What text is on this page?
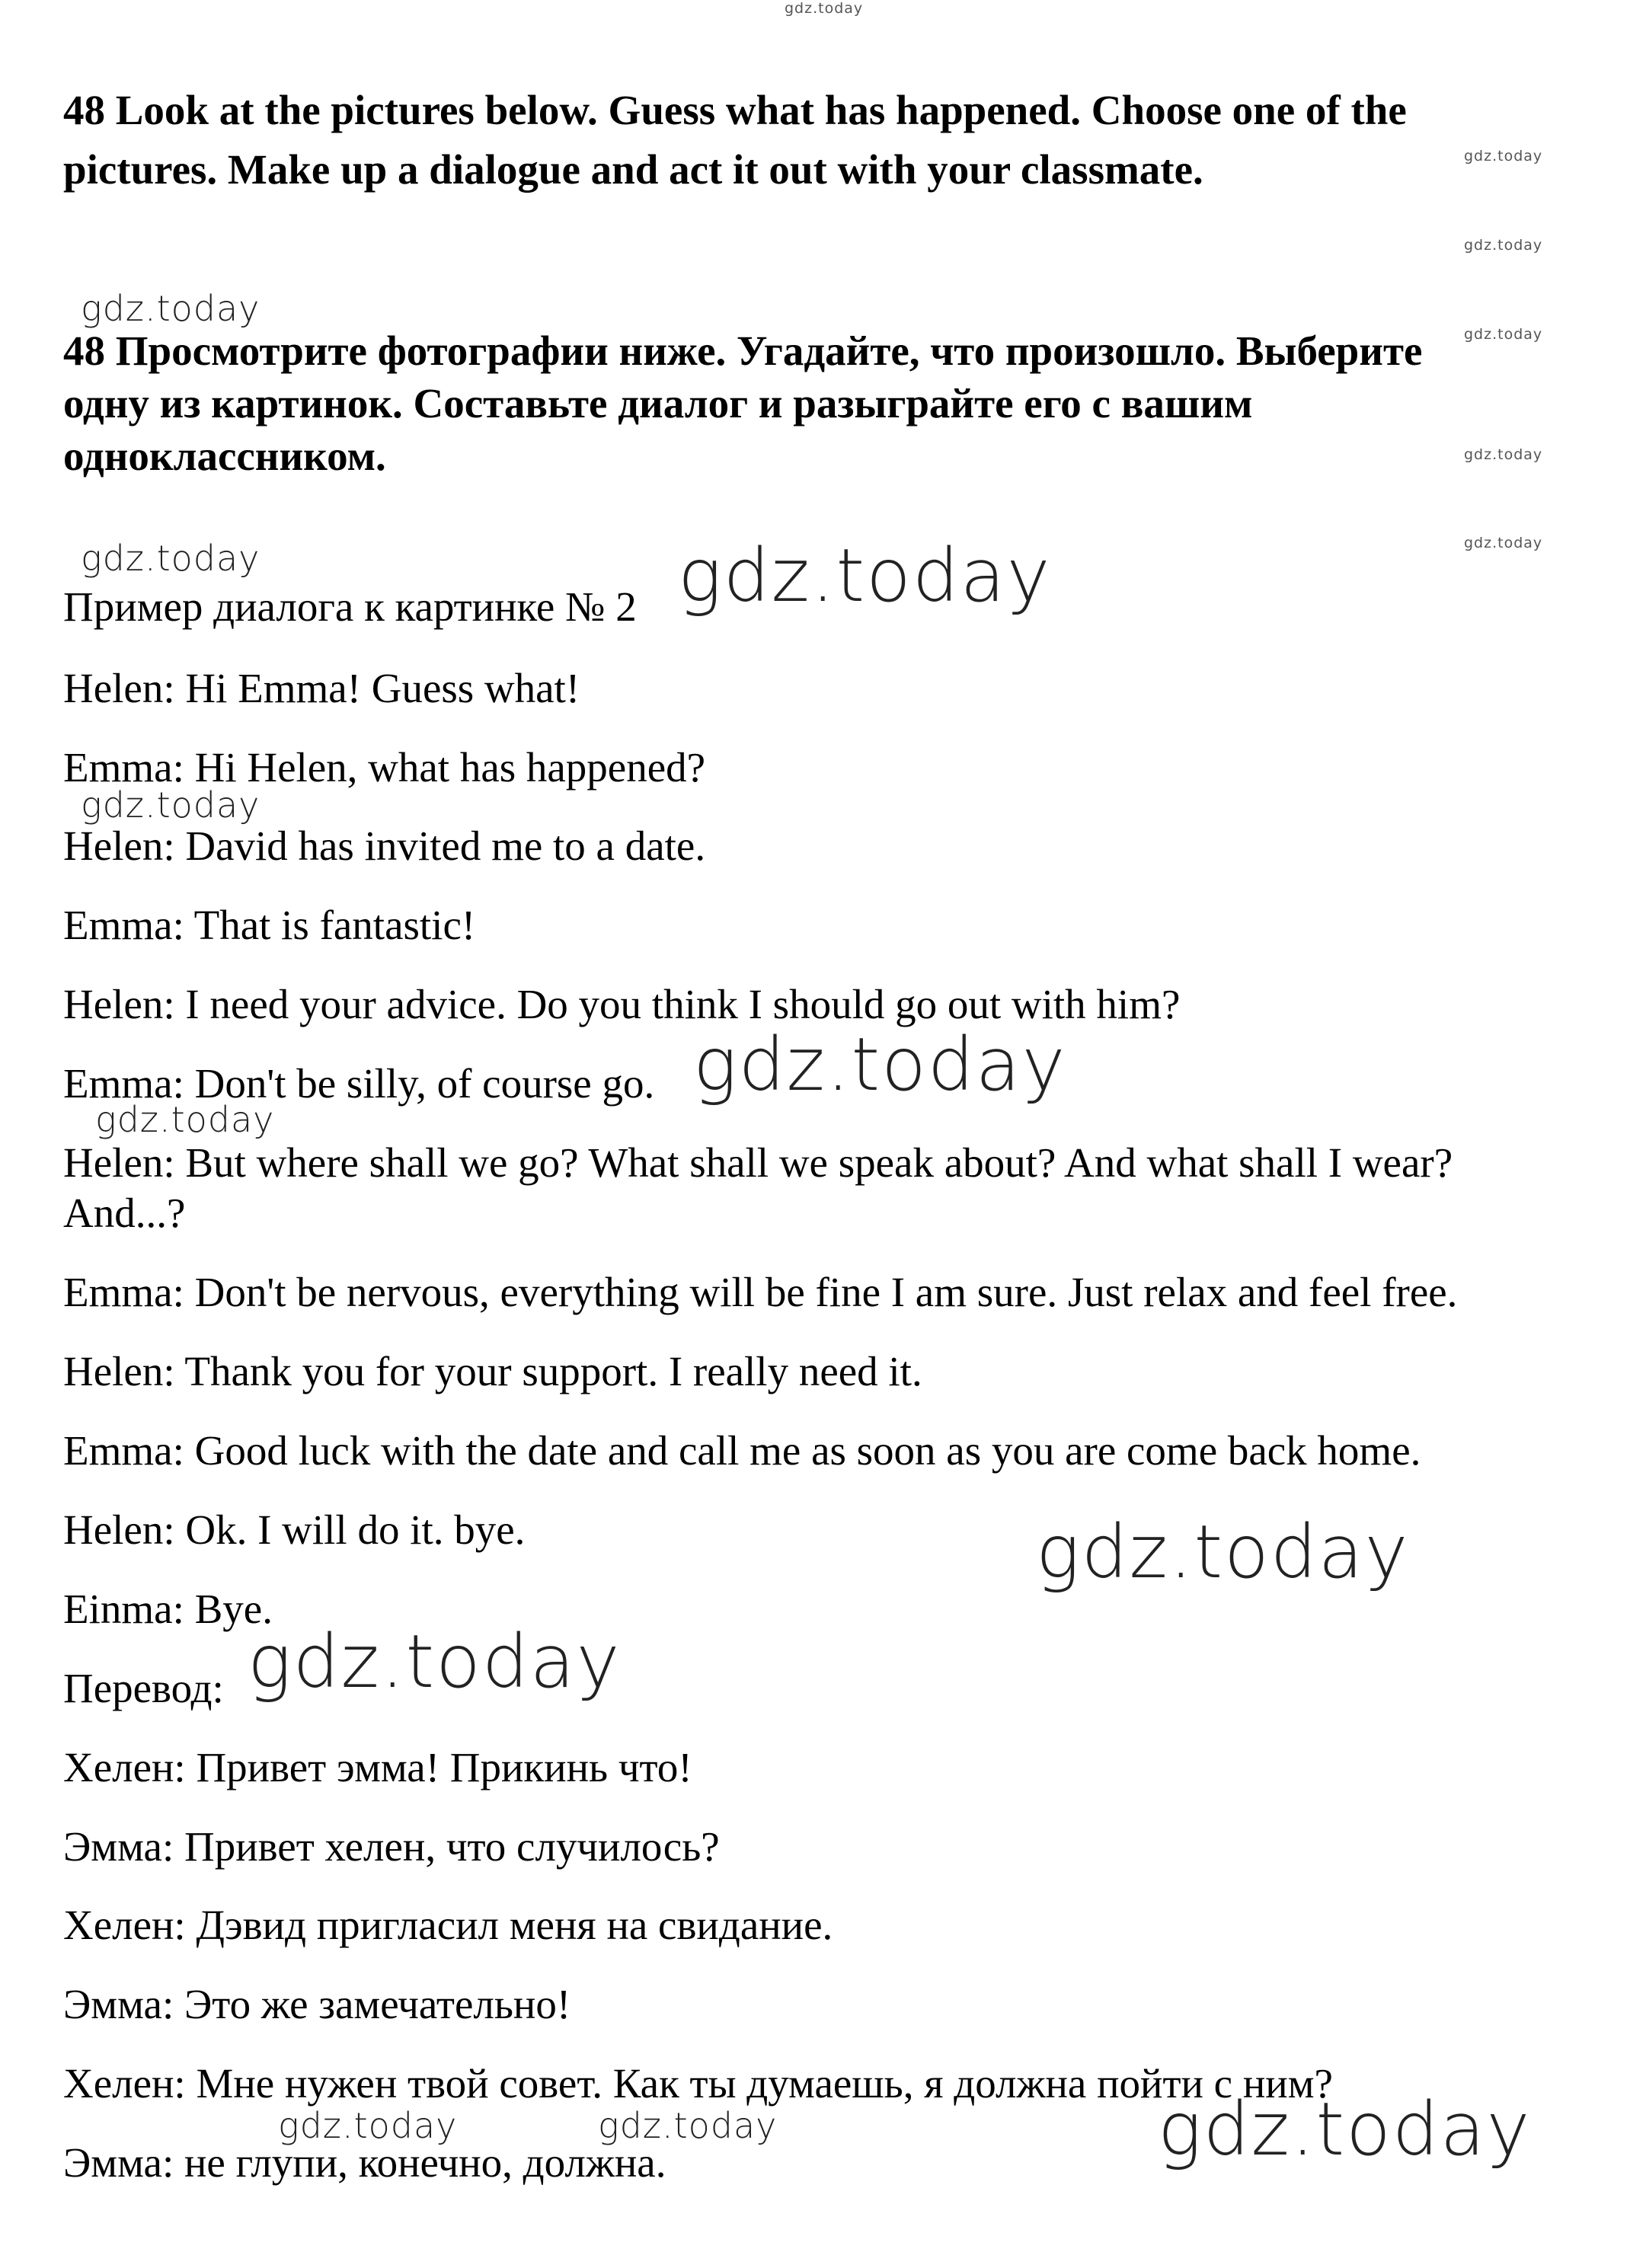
48 Look at the pictures below. Guess what has happened. Choose one of the
pictures. Make up a dialogue and act it out with your classmate.
48 Просмотрите фотографии ниже. Угадайте, что произошло. Выберите
одну из картинок. Составьте диалог и разыграйте его с вашим
одноклассником.
Пример диалога к картинке № 2
Helen: Hi Emma! Guess what!
Emma: Hi Helen, what has happened?
Helen: David has invited me to a date.
Emma: That is fantastic!
Helen: I need your advice. Do you think I should go out with him?
Emma: Don't be silly, of course go.
Helen: But where shall we go? What shall we speak about? And what shall I wear?
And...?
Emma: Don't be nervous, everything will be fine I am sure. Just relax and feel free.
Helen: Thank you for your support. I really need it.
Emma: Good luck with the date and call me as soon as you are come back home.
Helen: Ok. I will do it. bye.
Einma: Bye.
Перевод:
Хелен: Привет эмма! Прикинь что!
Эмма: Привет хелен, что случилось?
Хелен: Дэвид пригласил меня на свидание.
Эмма: Это же замечательно!
Хелен: Мне нужен твой совет. Как ты думаешь, я должна пойти с ним?
Эмма: не глупи, конечно, должна.
gdz.today
gdz.today
gdz.today
gdz.today
gdz.today
gdz.today
gdz.today
gdz.today
gdz.today
gdz.today
gdz.today	gdz.today
gdz.today
gdz.today
gdz.today
gdz.today
gdz.today
